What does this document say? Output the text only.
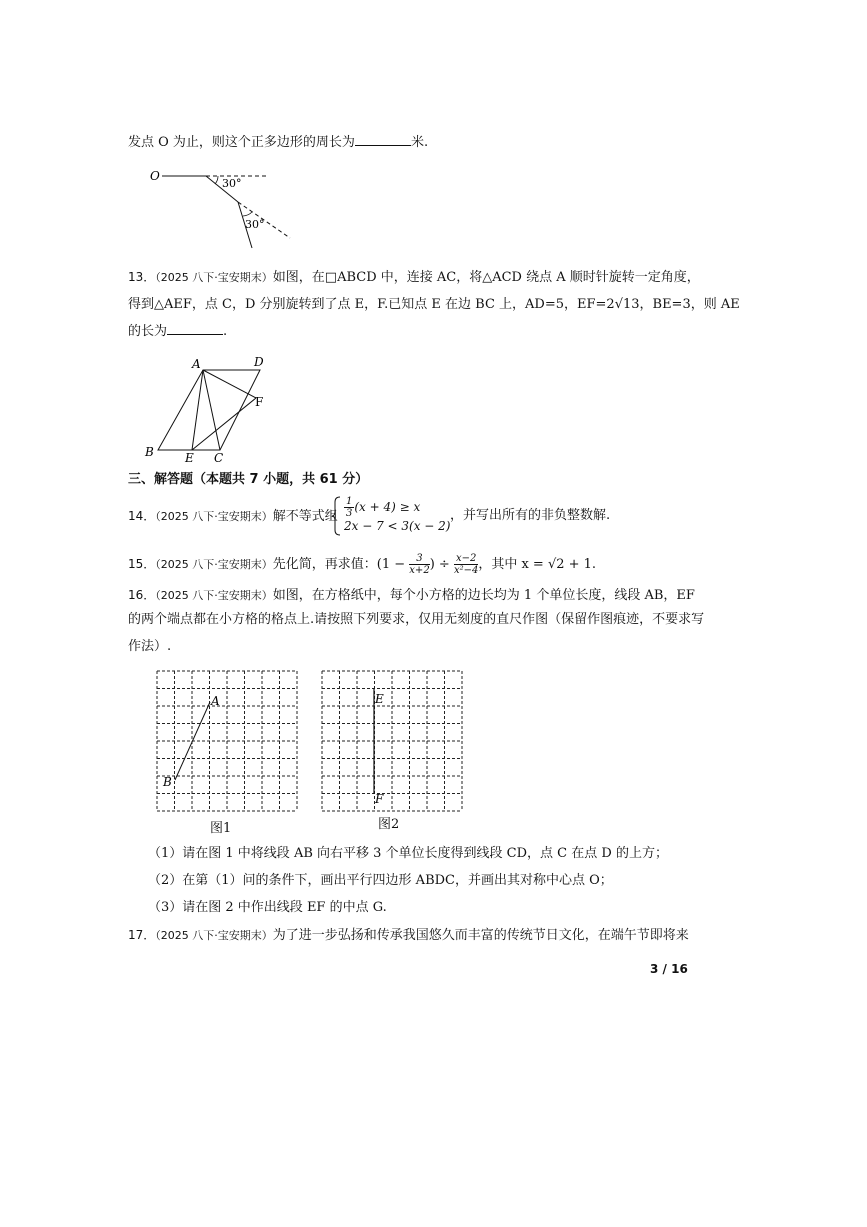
发点 O 为止，则这个正多边形的周长为	米.
O
30°
30°
13．（2025 八下·宝安期末）如图，在□ABCD 中，连接 AC，将△ACD 绕点 A 顺时针旋转一定角度，
得到△AEF，点 C，D 分别旋转到了点 E，F.已知点 E 在边 BC 上，AD=5，EF=2√13，BE=3，则 AE
的长为	.
A	D
F
B	E C
三、解答题（本题共 7 小题，共 61 分）
14．（2025 八下·宝安期末）解不等式组 $\frac{1}{3} (x + 4) \ge x$
2x − 7 < 3(x − 2)
，并写出所有的非负整数解.
15．（2025 八下·宝安期末）先化简，再求值：($1 - \frac{3}{x+2}$ ) ÷ $\frac{x-2}{\text{x²−4}}$ ，其中 x = √2 + 1.
16．（2025 八下·宝安期末）如图，在方格纸中，每个小方格的边长均为 1 个单位长度，线段 AB，EF
的两个端点都在小方格的格点上.请按照下列要求，仅用无刻度的直尺作图（保留作图痕迹，不要求写
作法）.
A
B
图1
E
F
图2
（1）请在图 1 中将线段 AB 向右平移 3 个单位长度得到线段 CD，点 C 在点 D 的上方；
（2）在第（1）问的条件下，画出平行四边形 ABDC，并画出其对称中心点 O；
（3）请在图 2 中作出线段 EF 的中点 G.
17．（2025 八下·宝安期末）为了进一步弘扬和传承我国悠久而丰富的传统节日文化，在端午节即将来
3 / 16
